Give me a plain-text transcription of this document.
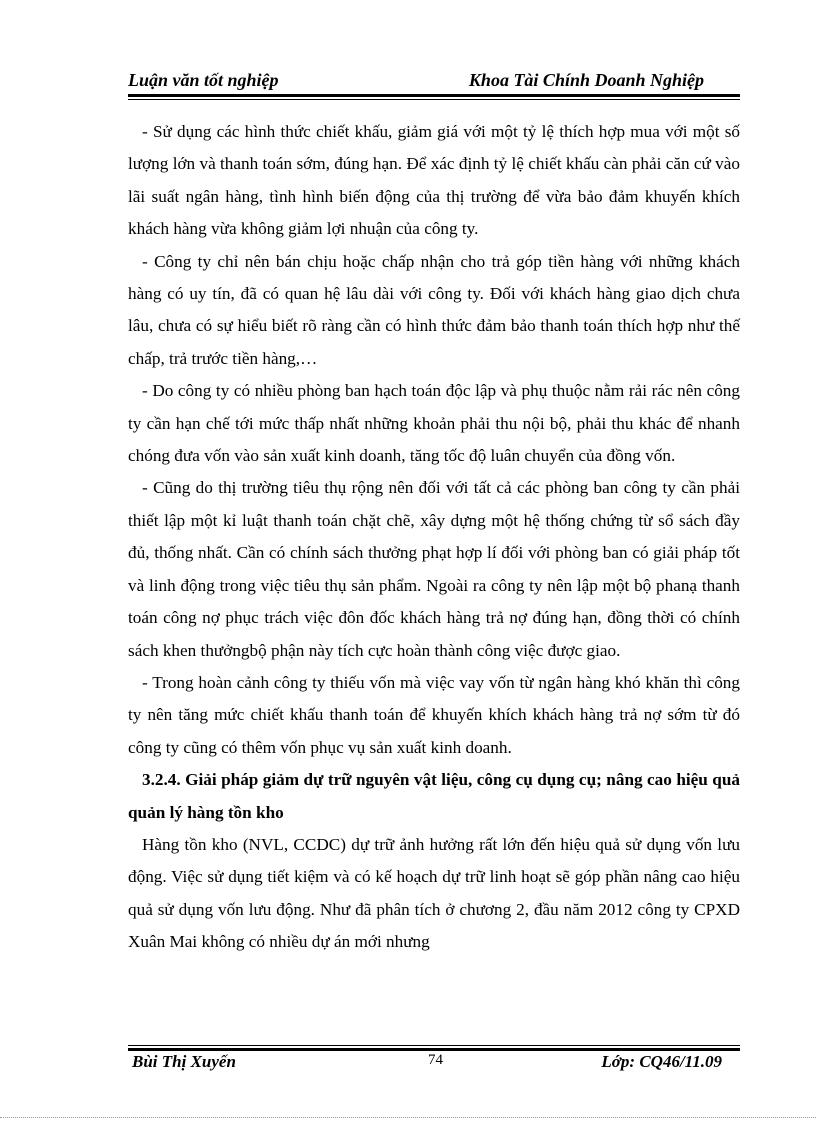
Luận văn tốt nghiệp	Khoa Tài Chính Doanh Nghiệp

- Sử dụng các hình thức chiết khấu, giảm giá với một tỷ lệ thích hợp mua với một số lượng lớn và thanh toán sớm, đúng hạn. Để xác định tỷ lệ chiết khấu càn phải căn cứ vào lãi suất ngân hàng, tình hình biến động của thị trường để vừa bảo đảm khuyến khích khách hàng vừa không giảm lợi nhuận của công ty.

- Công ty chỉ nên bán chịu hoặc chấp nhận cho trả góp tiền hàng với những khách hàng có uy tín, đã có quan hệ lâu dài với công ty. Đối với khách hàng giao dịch chưa lâu, chưa có sự hiểu biết rõ ràng cần có hình thức đảm bảo thanh toán thích hợp như thế chấp, trả trước tiền hàng,…

- Do công ty có nhiều phòng ban hạch toán độc lập và phụ thuộc nằm rải rác nên công ty cần hạn chế tới mức thấp nhất những khoản phải thu nội bộ, phải thu khác để nhanh chóng đưa vốn vào sản xuất kinh doanh, tăng tốc độ luân chuyển của đồng vốn.

- Cũng do thị trường tiêu thụ rộng nên đối với tất cả các phòng ban công ty cần phải thiết lập một kỉ luật thanh toán chặt chẽ, xây dựng một hệ thống chứng từ sổ sách đầy đủ, thống nhất. Cần có chính sách thưởng phạt hợp lí đối với phòng ban có giải pháp tốt và linh động trong việc tiêu thụ sản phẩm. Ngoài ra công ty nên lập một bộ phanạ thanh toán công nợ phục trách việc đôn đốc khách hàng trả nợ đúng hạn, đồng thời có chính sách khen thưởngbộ phận này tích cực hoàn thành công việc được giao.

- Trong hoàn cảnh công ty thiếu vốn mà việc vay vốn từ ngân hàng khó khăn thì công ty nên tăng mức chiết khấu thanh toán để khuyến khích khách hàng trả nợ sớm từ đó công ty cũng có thêm vốn phục vụ sản xuất kinh doanh.

3.2.4. Giải pháp giảm dự trữ nguyên vật liệu, công cụ dụng cụ; nâng cao hiệu quả quản lý hàng tồn kho

Hàng tồn kho (NVL, CCDC) dự trữ ảnh hưởng rất lớn đến hiệu quả sử dụng vốn lưu động. Việc sử dụng tiết kiệm và có kế hoạch dự trữ linh hoạt sẽ góp phần nâng cao hiệu quả sử dụng vốn lưu động. Như đã phân tích ở chương 2, đầu năm 2012 công ty CPXD Xuân Mai không có nhiều dự án mới nhưng

Bùi Thị Xuyến	74	Lớp: CQ46/11.09
